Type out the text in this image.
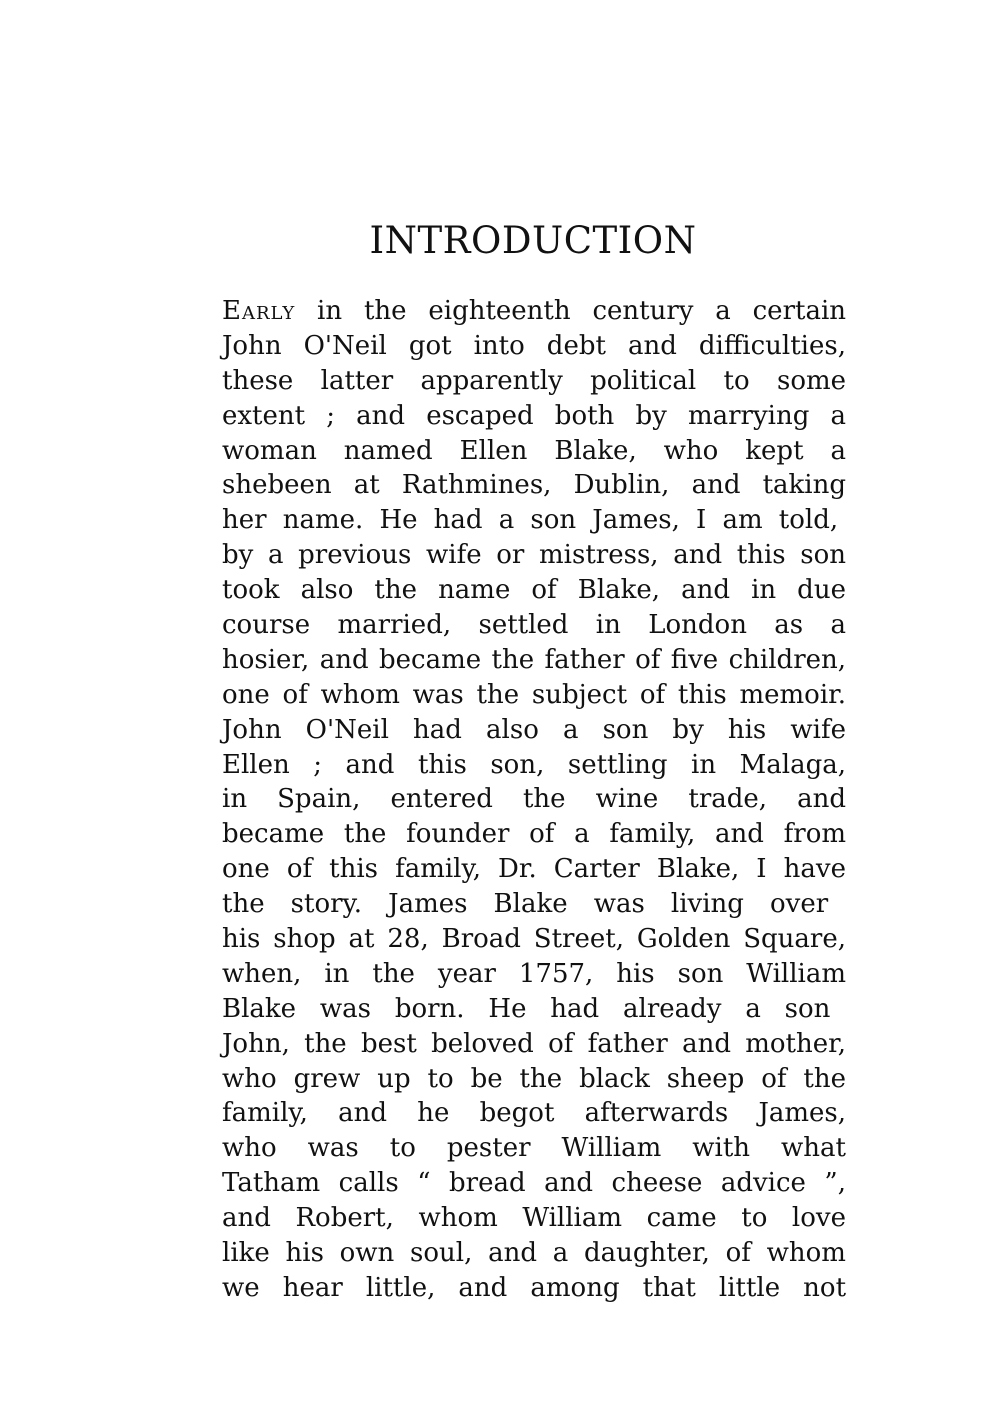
INTRODUCTION
Early in the eighteenth century a certain
John O'Neil got into debt and difficulties,
these latter apparently political to some
extent ; and escaped both by marrying a
woman named Ellen Blake, who kept a
shebeen at Rathmines, Dublin, and taking
her name. He had a son James, I am told,
by a previous wife or mistress, and this son
took also the name of Blake, and in due
course married, settled in London as a
hosier, and became the father of five children,
one of whom was the subject of this memoir.
John O'Neil had also a son by his wife
Ellen ; and this son, settling in Malaga,
in Spain, entered the wine trade, and
became the founder of a family, and from
one of this family, Dr. Carter Blake, I have
the story. James Blake was living over
his shop at 28, Broad Street, Golden Square,
when, in the year 1757, his son William
Blake was born. He had already a son
John, the best beloved of father and mother,
who grew up to be the black sheep of the
family, and he begot afterwards James,
who was to pester William with what
Tatham calls “ bread and cheese advice ”,
and Robert, whom William came to love
like his own soul, and a daughter, of whom
we hear little, and among that little not
